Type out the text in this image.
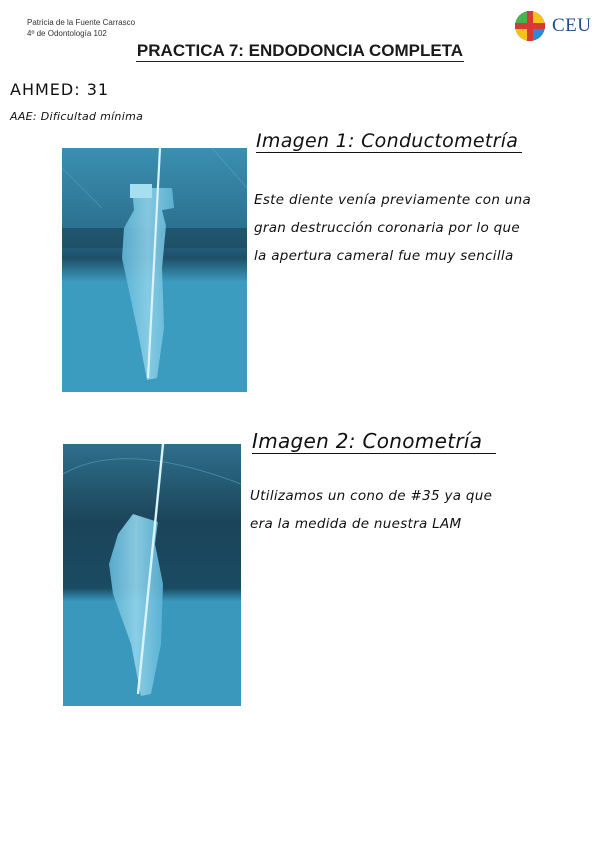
Patricia de la Fuente Carrasco
4º de Odontología 102	CEU
PRACTICA 7: ENDODONCIA COMPLETA
AHMED: 31
AAE: Dificultad mínima
Imagen 1: Conductometría
Este diente venía previamente con una
gran destrucción coronaria por lo que
la apertura cameral fue muy sencilla
Imagen 2: Conometría
Utilizamos un cono de #35 ya que
era la medida de nuestra LAM
